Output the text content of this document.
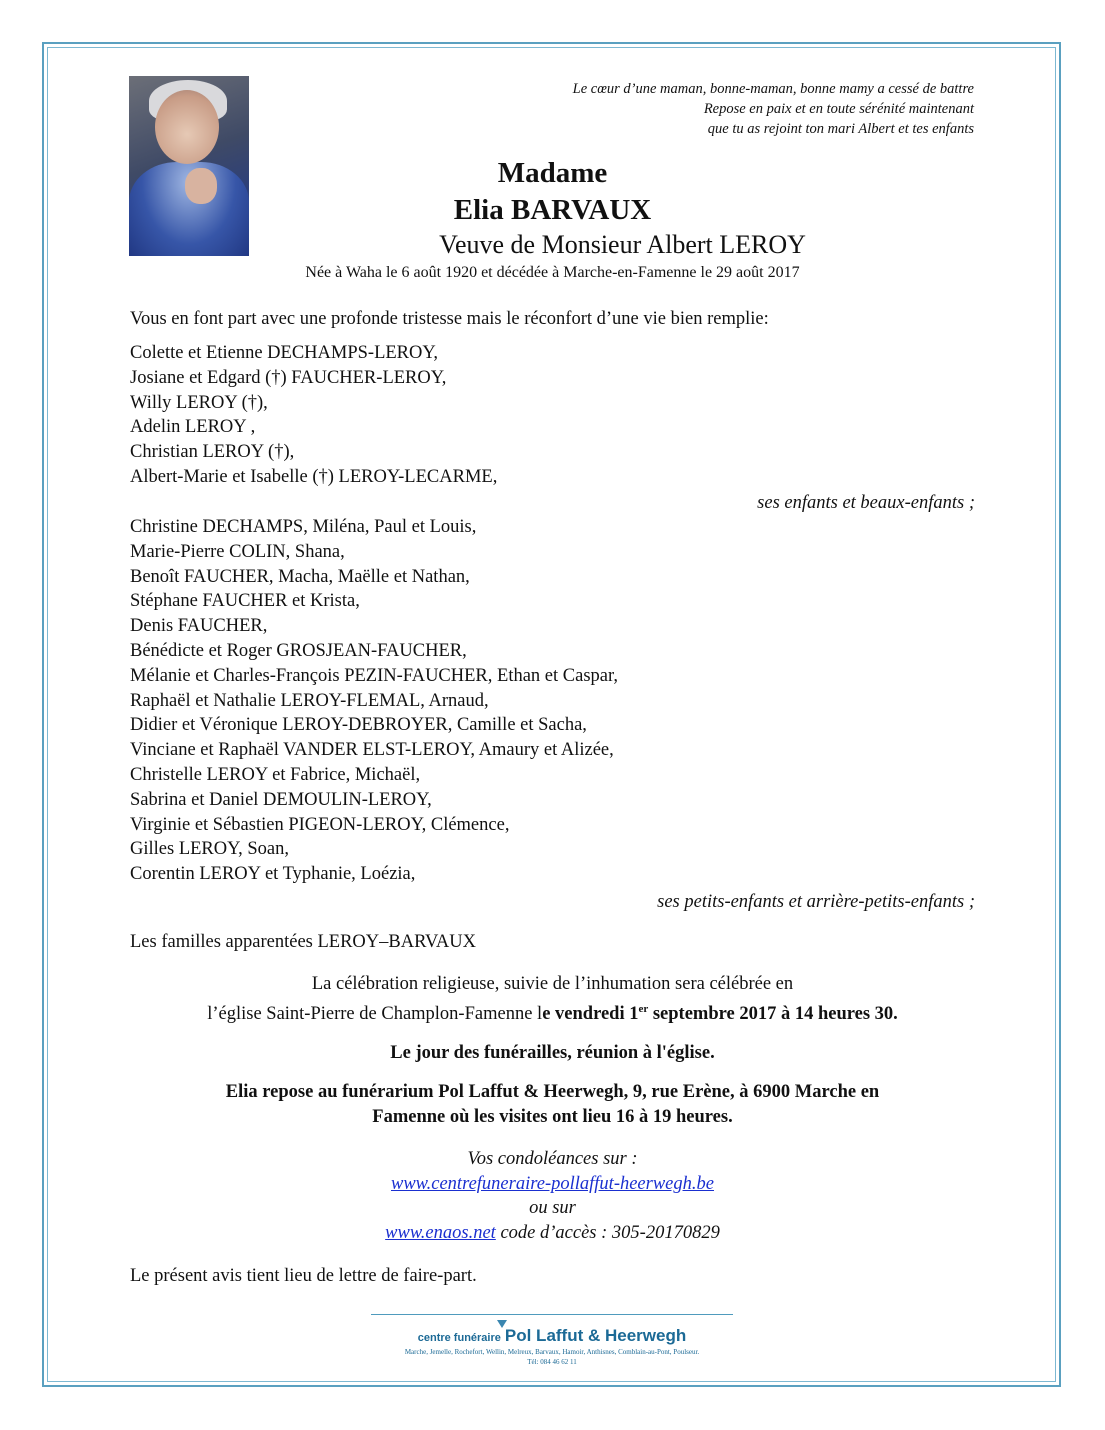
Le cœur d’une maman, bonne-maman, bonne mamy a cessé de battre
Repose en paix et en toute sérénité maintenant
que tu as rejoint ton mari Albert et tes enfants
Madame
Elia BARVAUX
Veuve de Monsieur Albert LEROY
Née à Waha le 6 août 1920 et décédée à Marche-en-Famenne le 29 août 2017
Vous en font part avec une profonde tristesse mais le réconfort d’une vie bien remplie:
Colette et Etienne DECHAMPS-LEROY,
Josiane et Edgard (†) FAUCHER-LEROY,
Willy LEROY (†),
Adelin LEROY ,
Christian LEROY (†),
Albert-Marie et Isabelle (†) LEROY-LECARME,
ses enfants et beaux-enfants ;
Christine DECHAMPS, Miléna, Paul et Louis,
Marie-Pierre COLIN, Shana,
Benoît FAUCHER, Macha, Maëlle et Nathan,
Stéphane FAUCHER et Krista,
Denis FAUCHER,
Bénédicte et Roger GROSJEAN-FAUCHER,
Mélanie et Charles-François PEZIN-FAUCHER, Ethan et Caspar,
Raphaël et Nathalie LEROY-FLEMAL, Arnaud,
Didier et Véronique LEROY-DEBROYER, Camille et Sacha,
Vinciane et Raphaël VANDER ELST-LEROY, Amaury et Alizée,
Christelle LEROY et Fabrice, Michaël,
Sabrina et Daniel DEMOULIN-LEROY,
Virginie et Sébastien PIGEON-LEROY, Clémence,
Gilles LEROY, Soan,
Corentin LEROY et Typhanie, Loézia,
ses petits-enfants et arrière-petits-enfants ;
Les familles apparentées LEROY–BARVAUX
La célébration religieuse, suivie de l’inhumation sera célébrée en
l’église Saint-Pierre de Champlon-Famenne le vendredi 1er septembre 2017 à 14 heures 30.
Le jour des funérailles, réunion à l'église.
Elia repose au funérarium Pol Laffut & Heerwegh, 9, rue Erène, à 6900 Marche en
Famenne où les visites ont lieu 16 à 19 heures.
Vos condoléances sur :
www.centrefuneraire-pollaffut-heerwegh.be
ou sur
www.enaos.net code d’accès : 305-20170829
Le présent avis tient lieu de lettre de faire-part.
centre funéraire Pol Laffut & Heerwegh
Marche, Jemelle, Rochefort, Wellin, Melreux, Barvaux, Hamoir, Anthisnes, Comblain-au-Pont, Poulseur.
Tél: 084 46 62 11
